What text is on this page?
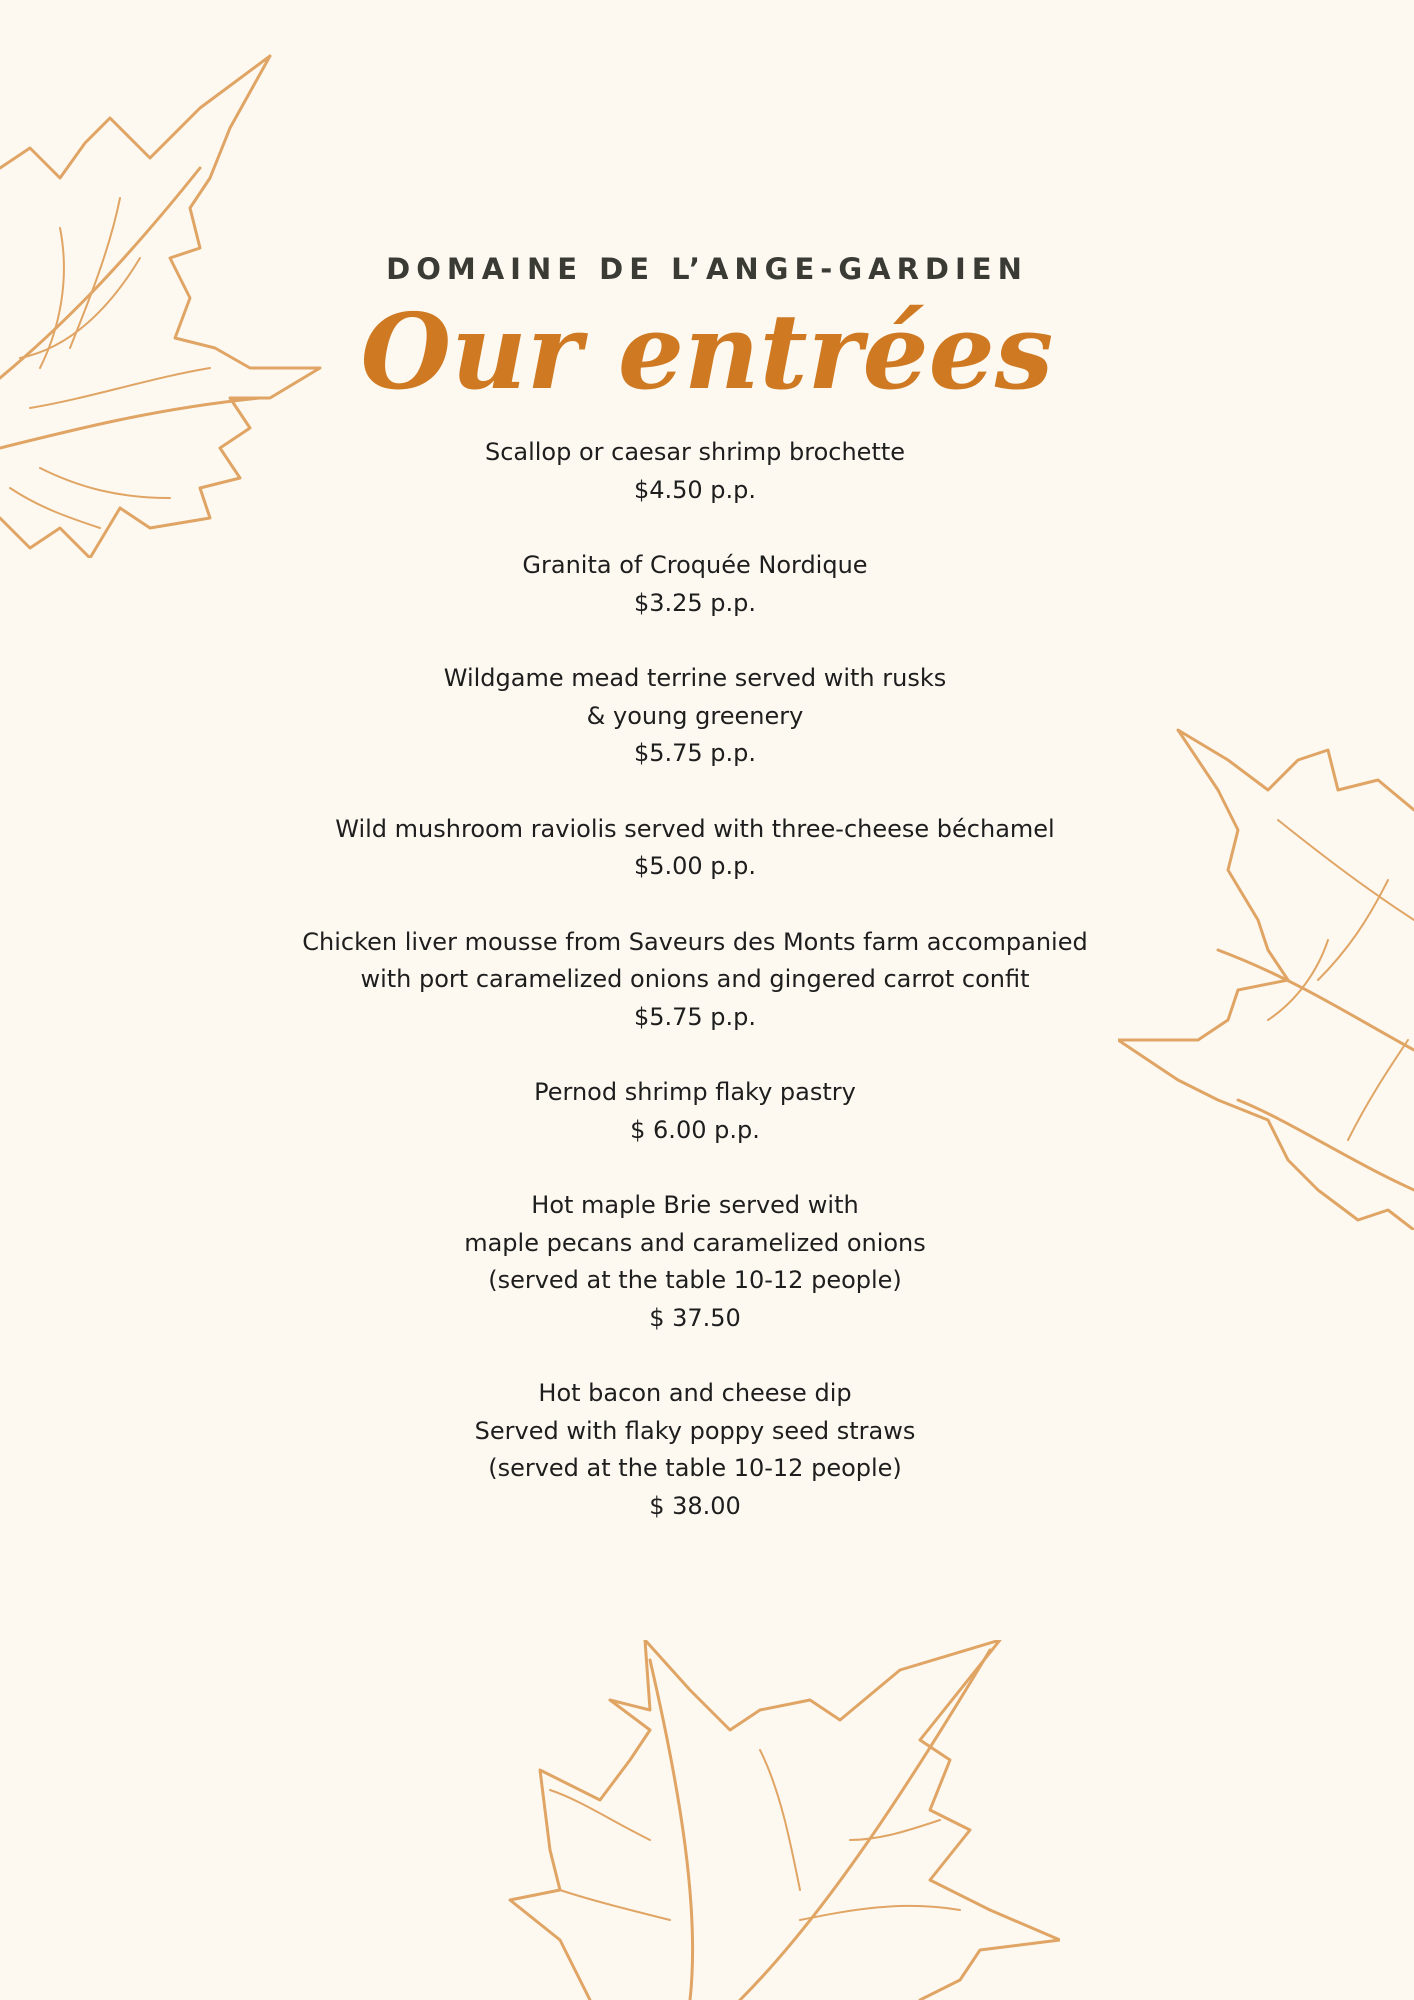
DOMAINE DE L’ANGE-GARDIEN
Our entrées
Scallop or caesar shrimp brochette
$4.50 p.p.
Granita of Croquée Nordique
$3.25 p.p.
Wildgame mead terrine served with rusks
& young greenery
$5.75 p.p.
Wild mushroom raviolis served with three-cheese béchamel
$5.00 p.p.
Chicken liver mousse from Saveurs des Monts farm accompanied
with port caramelized onions and gingered carrot confit
$5.75 p.p.
Pernod shrimp flaky pastry
$ 6.00 p.p.
Hot maple Brie served with
maple pecans and caramelized onions
(served at the table 10-12 people)
$ 37.50
Hot bacon and cheese dip
Served with flaky poppy seed straws
(served at the table 10-12 people)
$ 38.00
